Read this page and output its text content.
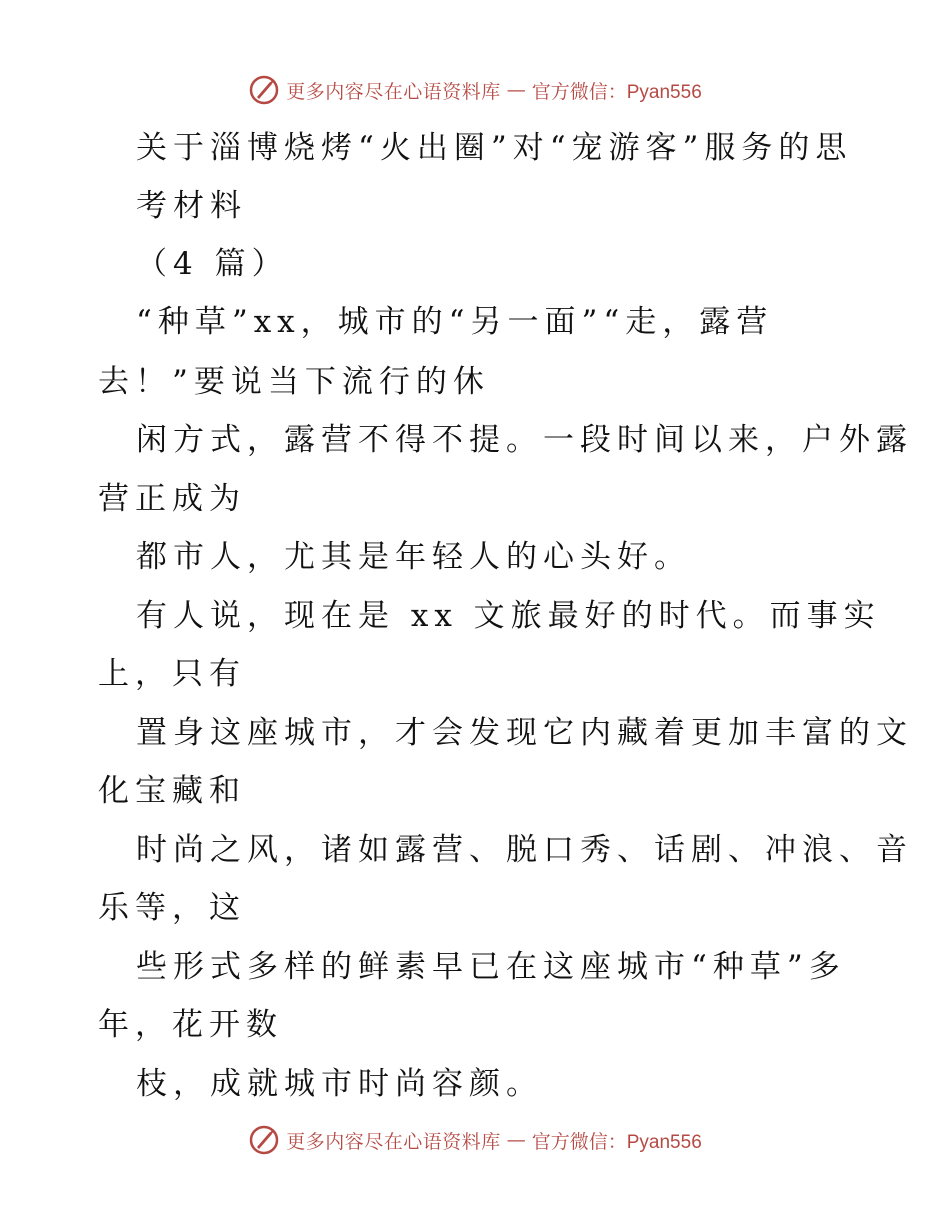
更多内容尽在心语资料库 — 官方微信：Pyan556
关于淄博烧烤“火出圈”对“宠游客”服务的思
考材料
（4 篇）
“种草”xx，城市的“另一面”“走，露营
去！”要说当下流行的休
闲方式，露营不得不提。一段时间以来，户外露
营正成为
都市人，尤其是年轻人的心头好。
有人说，现在是 xx 文旅最好的时代。而事实
上，只有
置身这座城市，才会发现它内藏着更加丰富的文
化宝藏和
时尚之风，诸如露营、脱口秀、话剧、冲浪、音
乐等，这
些形式多样的鲜素早已在这座城市“种草”多
年，花开数
枝，成就城市时尚容颜。
更多内容尽在心语资料库 — 官方微信：Pyan556
